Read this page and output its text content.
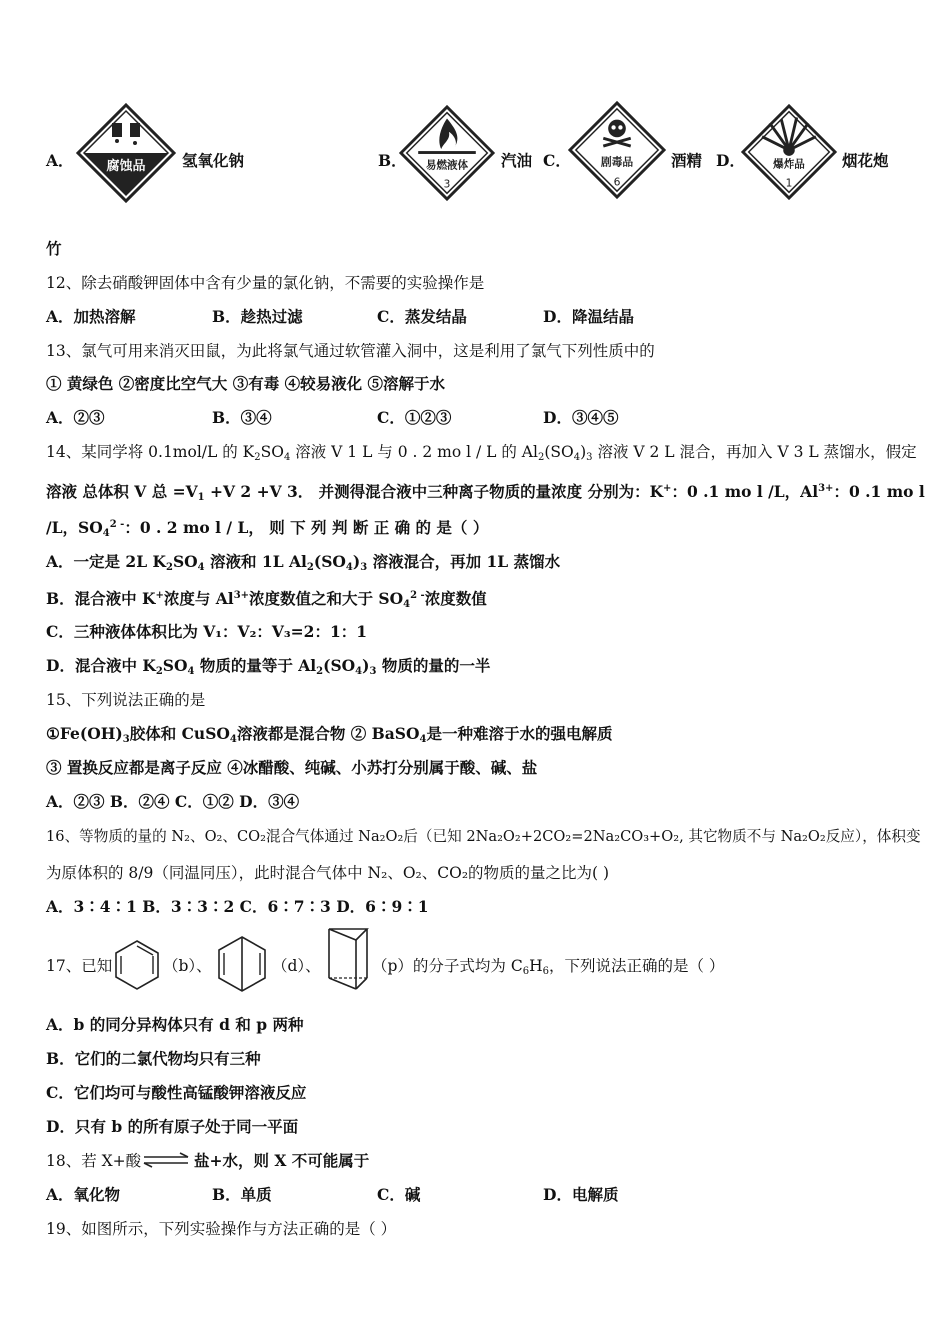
A．	腐蚀品 氢氧化钠	B． 易燃液体
3
汽油 C．	剧毒品
6
酒精 D．	爆炸品
1
烟花炮
竹
12、除去硝酸钾固体中含有少量的氯化钠，不需要的实验操作是
A．加热溶解	B．趁热过滤	C．蒸发结晶	D．降温结晶
13、氯气可用来消灭田鼠，为此将氯气通过软管灌入洞中，这是利用了氯气下列性质中的
① 黄绿色 ②密度比空气大 ③有毒 ④较易液化 ⑤溶解于水
A．②③	B．③④	C．①②③	D．③④⑤
14、某同学将 0.1mol/L 的 $K_2SO_4$ 溶液 V 1 L 与 0 . 2 mo l / L 的 $Al_2(SO_4)_3$ 溶液 V 2 L 混合，再加入 V 3 L 蒸馏水，假定
溶液 总体积 V 总 $=V_1 +V$ 2 +V 3． 并测得混合液中三种离子物质的量浓度 分别为：K+：0 .1 mo l /L，$Al^{3+}$：0 .1 mo l
/L，$SO_4^{2 -}$：0 . 2 mo l / L， 则 下 列 判 断 正 确 的 是（ ）
A．一定是 2L $K_2SO_4$ 溶液和 1L $Al_2(SO_4)_3$ 溶液混合，再加 1L 蒸馏水
B．混合液中 K+浓度与 $Al^{3+}$浓度数值之和大于 $SO_4^{2 -}$浓度数值
C．三种液体体积比为 V₁：V₂：V₃=2：1：1
D．混合液中 $K_2SO_4$ 物质的量等于 $Al_2(SO_4)_3$ 物质的量的一半
15、下列说法正确的是
$①Fe(OH)_3$胶体和 CuSO$_4$溶液都是混合物 ② BaSO$_4$是一种难溶于水的强电解质
③ 置换反应都是离子反应 ④冰醋酸、纯碱、小苏打分别属于酸、碱、盐
A．②③ B．②④ C．①② D．③④
16、等物质的量的 N₂、O₂、CO₂混合气体通过 Na₂O₂后（已知 2Na₂O₂+2CO₂=2Na₂CO₃+O₂, 其它物质不与 Na₂O₂反应），体积变
为原体积的 8/9（同温同压），此时混合气体中 N₂、O₂、CO₂的物质的量之比为( )
A．3∶4∶1 B．3∶3∶2 C．6∶7∶3 D．6∶9∶1
17、已知	（b）、	（d）、	（p）的分子式均为 $C_6H_6$，下列说法正确的是（ ）
A．b 的同分异构体只有 d 和 p 两种
B．它们的二氯代物均只有三种
C．它们均可与酸性高锰酸钾溶液反应
D．只有 b 的所有原子处于同一平面
18、若 X+酸 ⇌ 盐+水，则 X 不可能属于
A．氧化物	B．单质	C．碱	D．电解质
19、如图所示，下列实验操作与方法正确的是（ ）
